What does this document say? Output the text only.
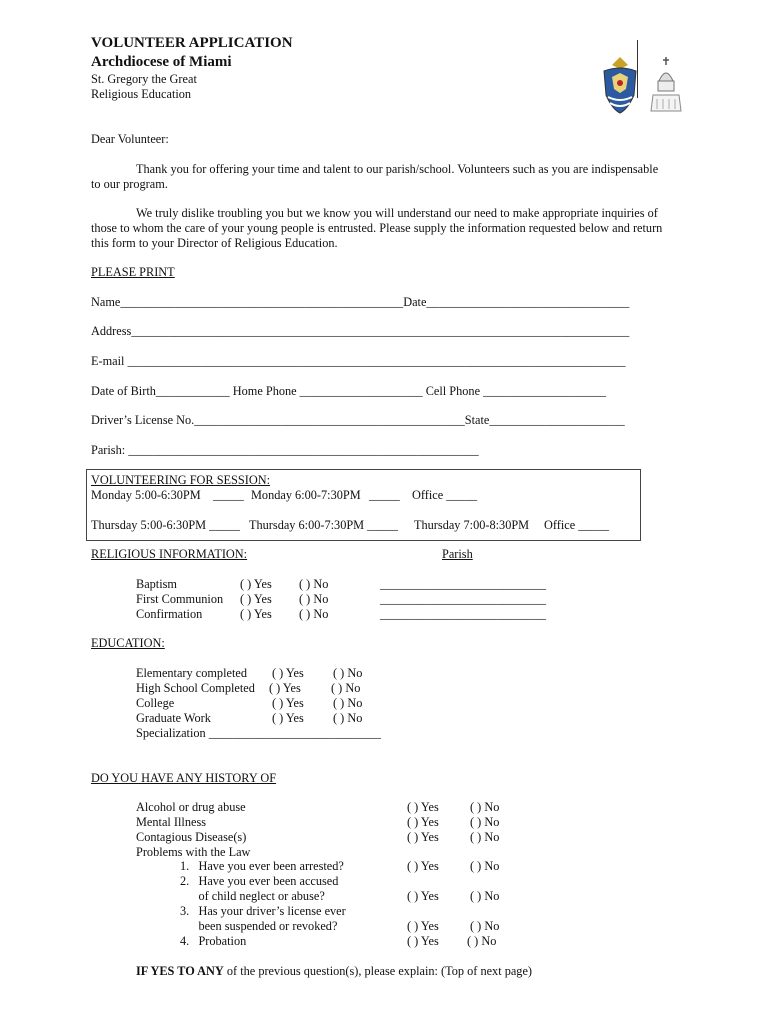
VOLUNTEER APPLICATION
Archdiocese of Miami
St. Gregory the Great
Religious Education

Dear Volunteer:
Thank you for offering your time and talent to our parish/school. Volunteers such as you are indispensable
to our program.
We truly dislike troubling you but we know you will understand our need to make appropriate inquiries of
those to whom the care of your young people is entrusted. Please supply the information requested below and return
this form to your Director of Religious Education.
PLEASE PRINT
Name______________________________________________Date_________________________________
Address_________________________________________________________________________________
E-mail _________________________________________________________________________________
Date of Birth____________ Home Phone ____________________ Cell Phone ____________________
Driver’s License No.____________________________________________State______________________
Parish: _________________________________________________________
VOLUNTEERING FOR SESSION:
Monday 5:00-6:30PM _____ Monday 6:00-7:30PM _____ Office _____
Thursday 5:00-6:30PM _____ Thursday 6:00-7:30PM _____ Thursday 7:00-8:30PM Office _____
RELIGIOUS INFORMATION:	Parish
Baptism	( ) Yes ( ) No	___________________________
First Communion ( ) Yes ( ) No	___________________________
Confirmation	( ) Yes ( ) No	___________________________
EDUCATION:
Elementary completed ( ) Yes ( ) No
High School Completed ( ) Yes ( ) No
College	( ) Yes ( ) No
Graduate Work	( ) Yes ( ) No
Specialization ____________________________
DO YOU HAVE ANY HISTORY OF
Alcohol or drug abuse	( ) Yes	( ) No
Mental Illness	( ) Yes	( ) No
Contagious Disease(s)	( ) Yes	( ) No
Problems with the Law
1.   Have you ever been arrested?	( ) Yes	( ) No
2.   Have you ever been accused
of child neglect or abuse?	( ) Yes	( ) No
3.   Has your driver’s license ever
been suspended or revoked?	( ) Yes	( ) No
4.   Probation	( ) Yes ( ) No
IF YES TO ANY of the previous question(s), please explain: (Top of next page)
